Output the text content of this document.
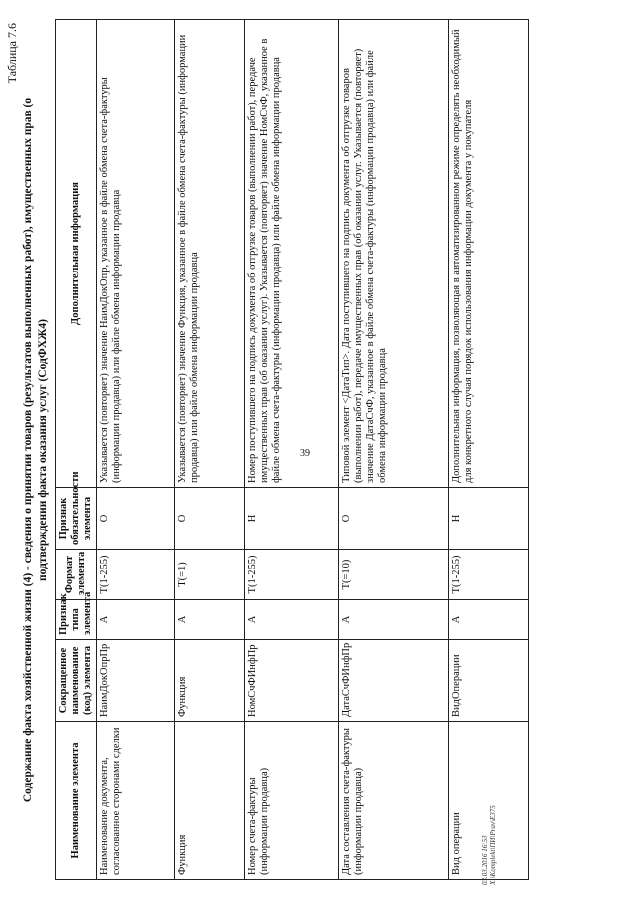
39
Таблица 7.6
Содержание факта хозяйственной жизни (4) - сведения о принятии товаров (результатов выполненных работ), имущественных прав (о подтверждении факта оказания услуг (СодФХЖ4)
Наименование элемента	Сокращенное наименование (код) элемента	Признак типа элемента	Формат элемента	Признак обязательности элемента	Дополнительная информация
Наименование документа, согласованное сторонами сделки	НаимДокОпрПр	А	T(1-255)	О	Указывается (повторяет) значение НаимДокОпр, указанное в файле обмена счета-фактуры (информации продавца) или файле обмена информации продавца
Функция	Функция	А	T(=1)	О	Указывается (повторяет) значение Функция, указанное в файле обмена счета-фактуры (информации продавца) или файле обмена информации продавца
Номер счета-фактуры (информации продавца)	НомСчФИнфПр	А	T(1-255)	Н	Номер поступившего на подпись документа об отгрузке товаров (выполнении работ), передаче имущественных прав (об оказании услуг). Указывается (повторяет) значение НомСчФ, указанное в файле обмена счета-фактуры (информации продавца) или файле обмена информации продавца
Дата составления счета-фактуры (информации продавца)	ДатаСчФИнфПр	А	T(=10)	О	Типовой элемент <ДатаТип>. Дата поступившего на подпись документа об отгрузке товаров (выполнении работ), передаче имущественных прав (об оказании услуг. Указывается (повторяет) значение ДатаСчФ, указанное в файле обмена счета-фактуры (информации продавца) или файле обмена информации продавца
Вид операции	ВидОперации	А	T(1-255)	Н	Дополнительная информация, позволяющая в автоматизированном режиме определять необходимый для конкретного случая порядок использования информации документа у покупателя
03.03.2016 16:53 X:\Komplekt\ПИ\Prav\E375
